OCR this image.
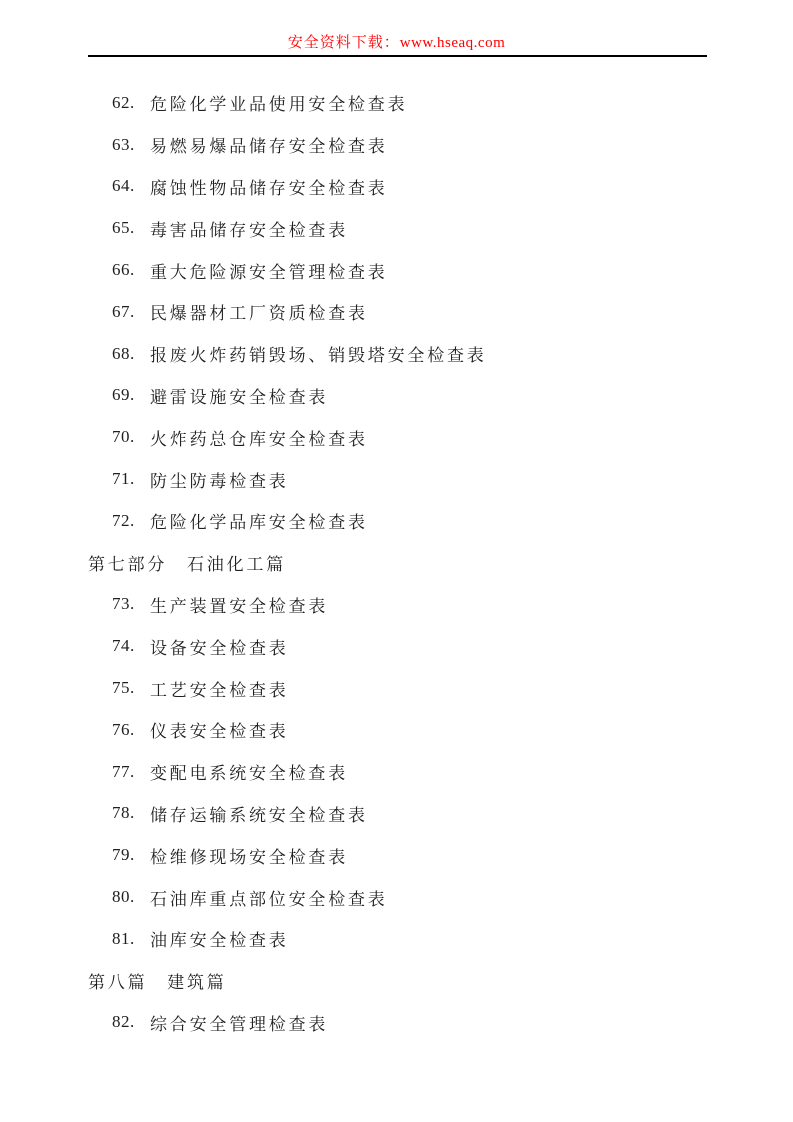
安全资料下载：www.hseaq.com
62. 危险化学业品使用安全检查表
63. 易燃易爆品储存安全检查表
64. 腐蚀性物品储存安全检查表
65. 毒害品储存安全检查表
66. 重大危险源安全管理检查表
67. 民爆器材工厂资质检查表
68. 报废火炸药销毁场、销毁塔安全检查表
69. 避雷设施安全检查表
70. 火炸药总仓库安全检查表
71. 防尘防毒检查表
72. 危险化学品库安全检查表
第七部分　石油化工篇
73. 生产装置安全检查表
74. 设备安全检查表
75. 工艺安全检查表
76. 仪表安全检查表
77. 变配电系统安全检查表
78. 储存运输系统安全检查表
79. 检维修现场安全检查表
80. 石油库重点部位安全检查表
81. 油库安全检查表
第八篇　建筑篇
82. 综合安全管理检查表
